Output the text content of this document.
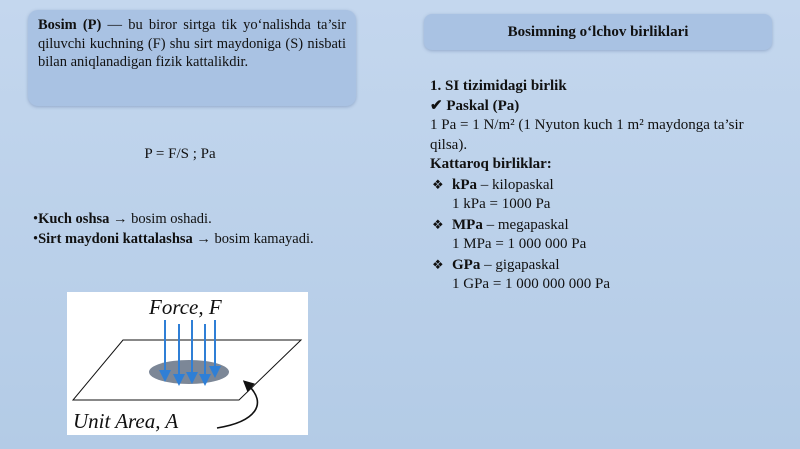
Bosim (P) — bu biror sirtga tik yo‘nalishda ta’sir qiluvchi kuchning (F) shu sirt maydoniga (S) nisbati bilan aniqlanadigan fizik kattalikdir.
P = F/S ; Pa
•Kuch oshsa → bosim oshadi.
•Sirt maydoni kattalashsa → bosim kamayadi.
Force, F
Unit Area, A
Bosimning o‘lchov birliklari
1. SI tizimidagi birlik
✔ Paskal (Pa)
1 Pa = 1 N/m² (1 Nyuton kuch 1 m² maydonga ta’sir qilsa).
Kattaroq birliklar:
❖ kPa – kilopaskal
1 kPa = 1000 Pa
❖ MPa – megapaskal
1 MPa = 1 000 000 Pa
❖ GPa – gigapaskal
1 GPa = 1 000 000 000 Pa
